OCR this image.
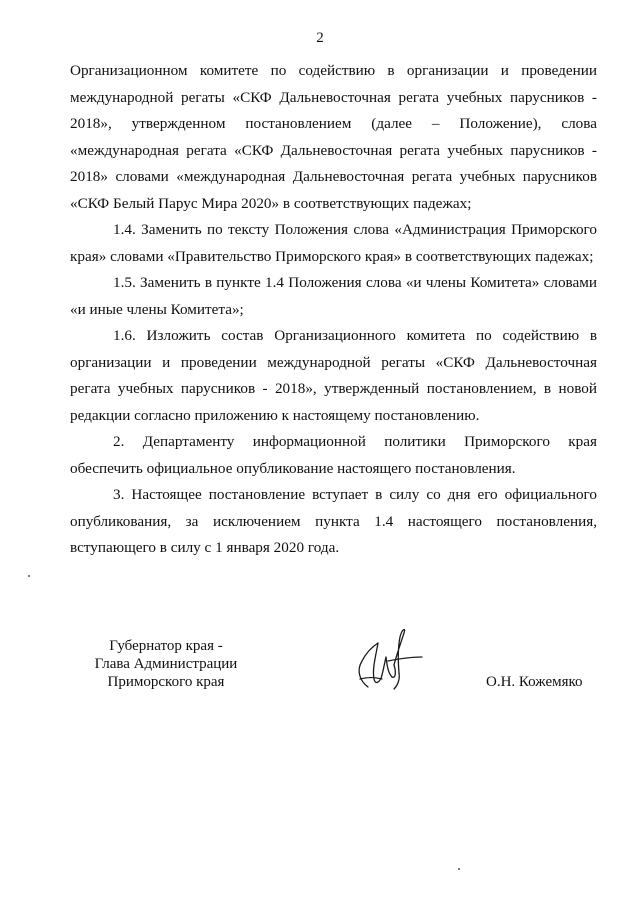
2

Организационном комитете по содействию в организации и проведении международной регаты «СКФ Дальневосточная регата учебных парусников - 2018», утвержденном постановлением (далее – Положение), слова «международная регата «СКФ Дальневосточная регата учебных парусников - 2018» словами «международная Дальневосточная регата учебных парусников «СКФ Белый Парус Мира 2020» в соответствующих падежах;

1.4. Заменить по тексту Положения слова «Администрация Приморского края» словами «Правительство Приморского края» в соответствующих падежах;

1.5. Заменить в пункте 1.4 Положения слова «и члены Комитета» словами «и иные члены Комитета»;

1.6. Изложить состав Организационного комитета по содействию в организации и проведении международной регаты «СКФ Дальневосточная регата учебных парусников - 2018», утвержденный постановлением, в новой редакции согласно приложению к настоящему постановлению.

2. Департаменту информационной политики Приморского края обеспечить официальное опубликование настоящего постановления.

3. Настоящее постановление вступает в силу со дня его официального опубликования, за исключением пункта 1.4 настоящего постановления, вступающего в силу с 1 января 2020 года.

Губернатор края -
Глава Администрации
Приморского края	О.Н. Кожемяко
